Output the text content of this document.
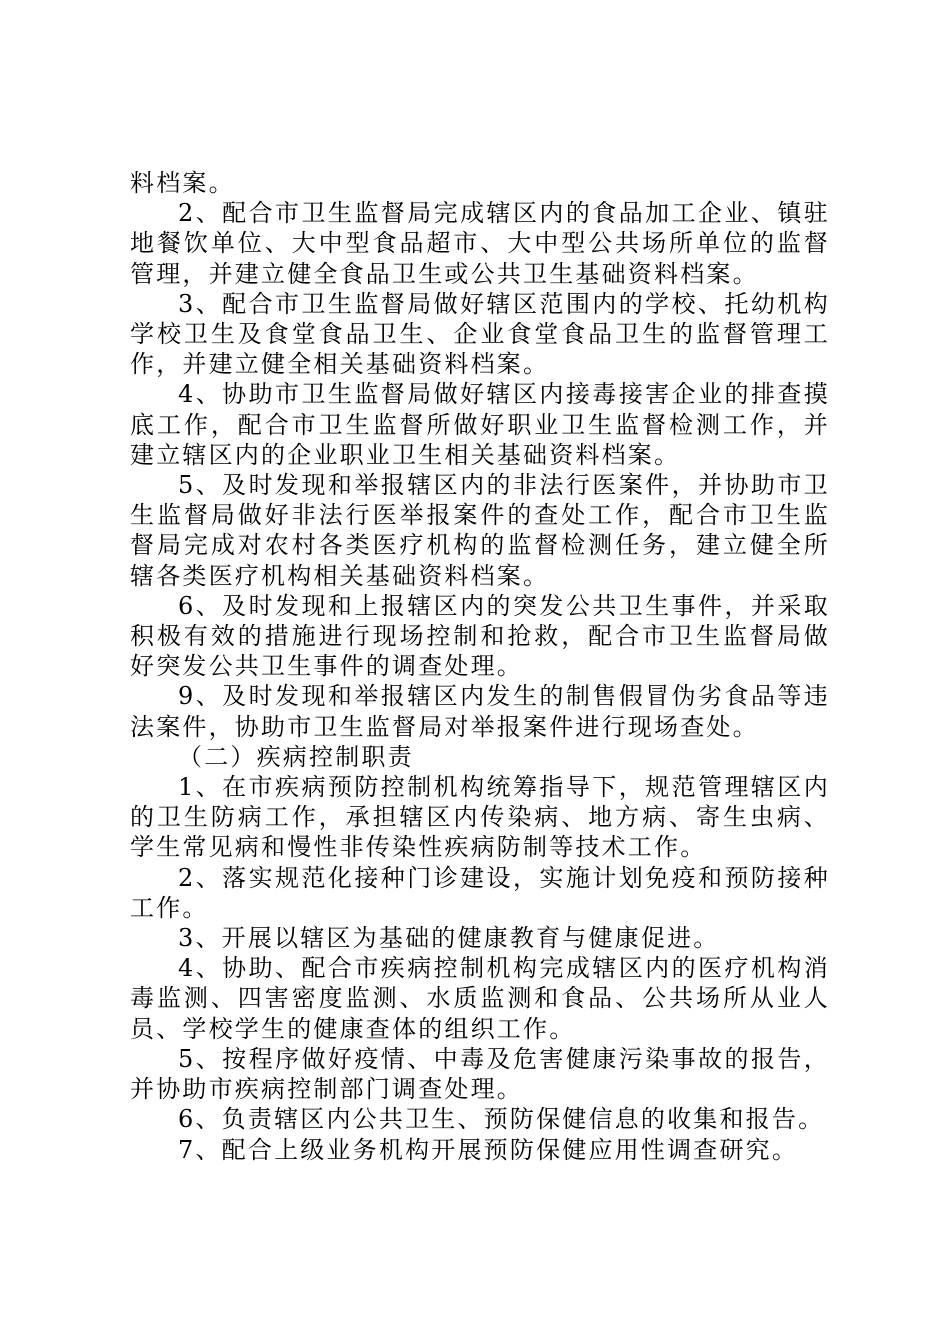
料档案。

2、配合市卫生监督局完成辖区内的食品加工企业、镇驻地餐饮单位、大中型食品超市、大中型公共场所单位的监督管理，并建立健全食品卫生或公共卫生基础资料档案。

3、配合市卫生监督局做好辖区范围内的学校、托幼机构学校卫生及食堂食品卫生、企业食堂食品卫生的监督管理工作，并建立健全相关基础资料档案。

4、协助市卫生监督局做好辖区内接毒接害企业的排查摸底工作，配合市卫生监督所做好职业卫生监督检测工作，并建立辖区内的企业职业卫生相关基础资料档案。

5、及时发现和举报辖区内的非法行医案件，并协助市卫生监督局做好非法行医举报案件的查处工作，配合市卫生监督局完成对农村各类医疗机构的监督检测任务，建立健全所辖各类医疗机构相关基础资料档案。

6、及时发现和上报辖区内的突发公共卫生事件，并采取积极有效的措施进行现场控制和抢救，配合市卫生监督局做好突发公共卫生事件的调查处理。

9、及时发现和举报辖区内发生的制售假冒伪劣食品等违法案件，协助市卫生监督局对举报案件进行现场查处。

（二）疾病控制职责

1、在市疾病预防控制机构统筹指导下，规范管理辖区内的卫生防病工作，承担辖区内传染病、地方病、寄生虫病、学生常见病和慢性非传染性疾病防制等技术工作。

2、落实规范化接种门诊建设，实施计划免疫和预防接种工作。

3、开展以辖区为基础的健康教育与健康促进。

4、协助、配合市疾病控制机构完成辖区内的医疗机构消毒监测、四害密度监测、水质监测和食品、公共场所从业人员、学校学生的健康查体的组织工作。

5、按程序做好疫情、中毒及危害健康污染事故的报告，并协助市疾病控制部门调查处理。

6、负责辖区内公共卫生、预防保健信息的收集和报告。

7、配合上级业务机构开展预防保健应用性调查研究。
